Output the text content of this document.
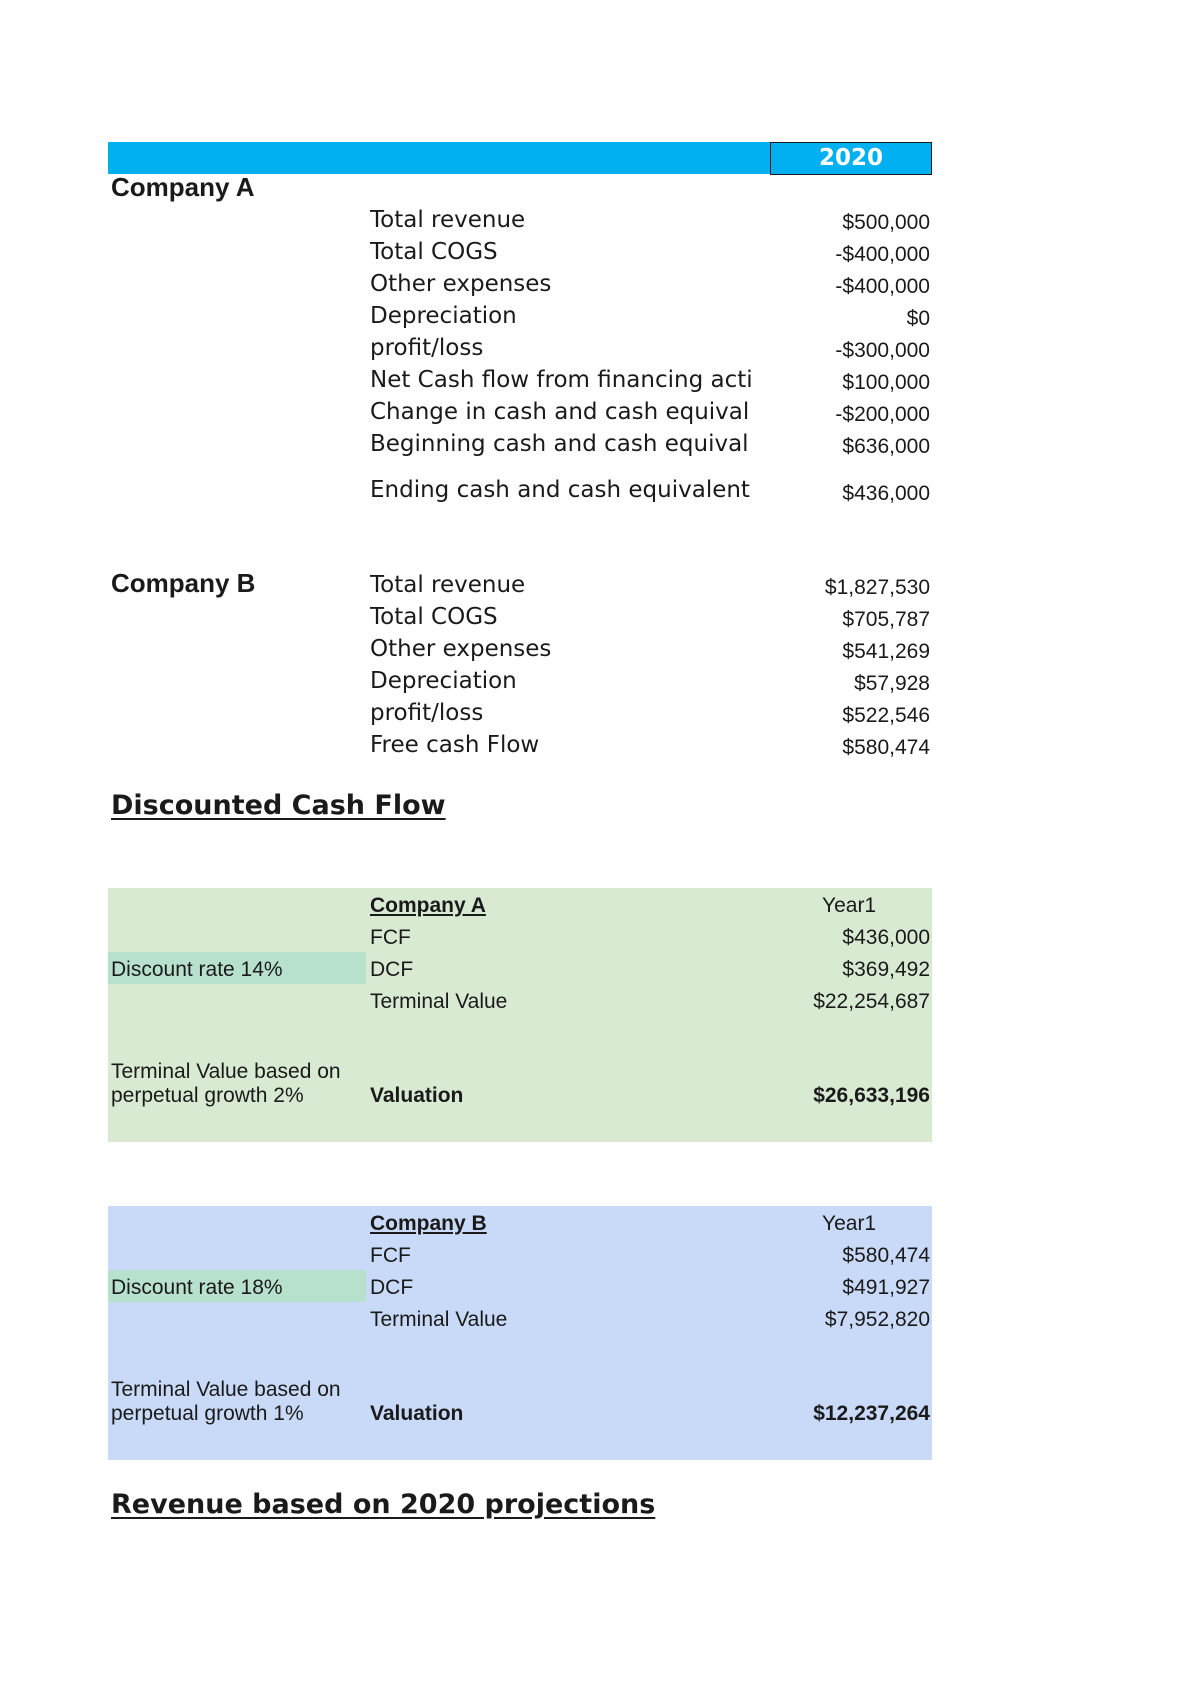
2020
Company A
Total revenue	$500,000
Total COGS	-$400,000
Other expenses	-$400,000
Depreciation	$0
profit/loss	-$300,000
Net Cash flow from financing acti	$100,000
Change in cash and cash equival	-$200,000
Beginning cash and cash equival	$636,000
Ending cash and cash equivalent	$436,000
Company B	Total revenue	$1,827,530
Total COGS	$705,787
Other expenses	$541,269
Depreciation	$57,928
profit/loss	$522,546
Free cash Flow	$580,474
Discounted Cash Flow
Company A	Year1
FCF	$436,000
Discount rate 14%	DCF	$369,492
Terminal Value	$22,254,687
Terminal Value based on
perpetual growth 2%	Valuation	$26,633,196
Company B	Year1
FCF	$580,474
Discount rate 18%	DCF	$491,927
Terminal Value	$7,952,820
Terminal Value based on
perpetual growth 1%	Valuation	$12,237,264
Revenue based on 2020 projections
